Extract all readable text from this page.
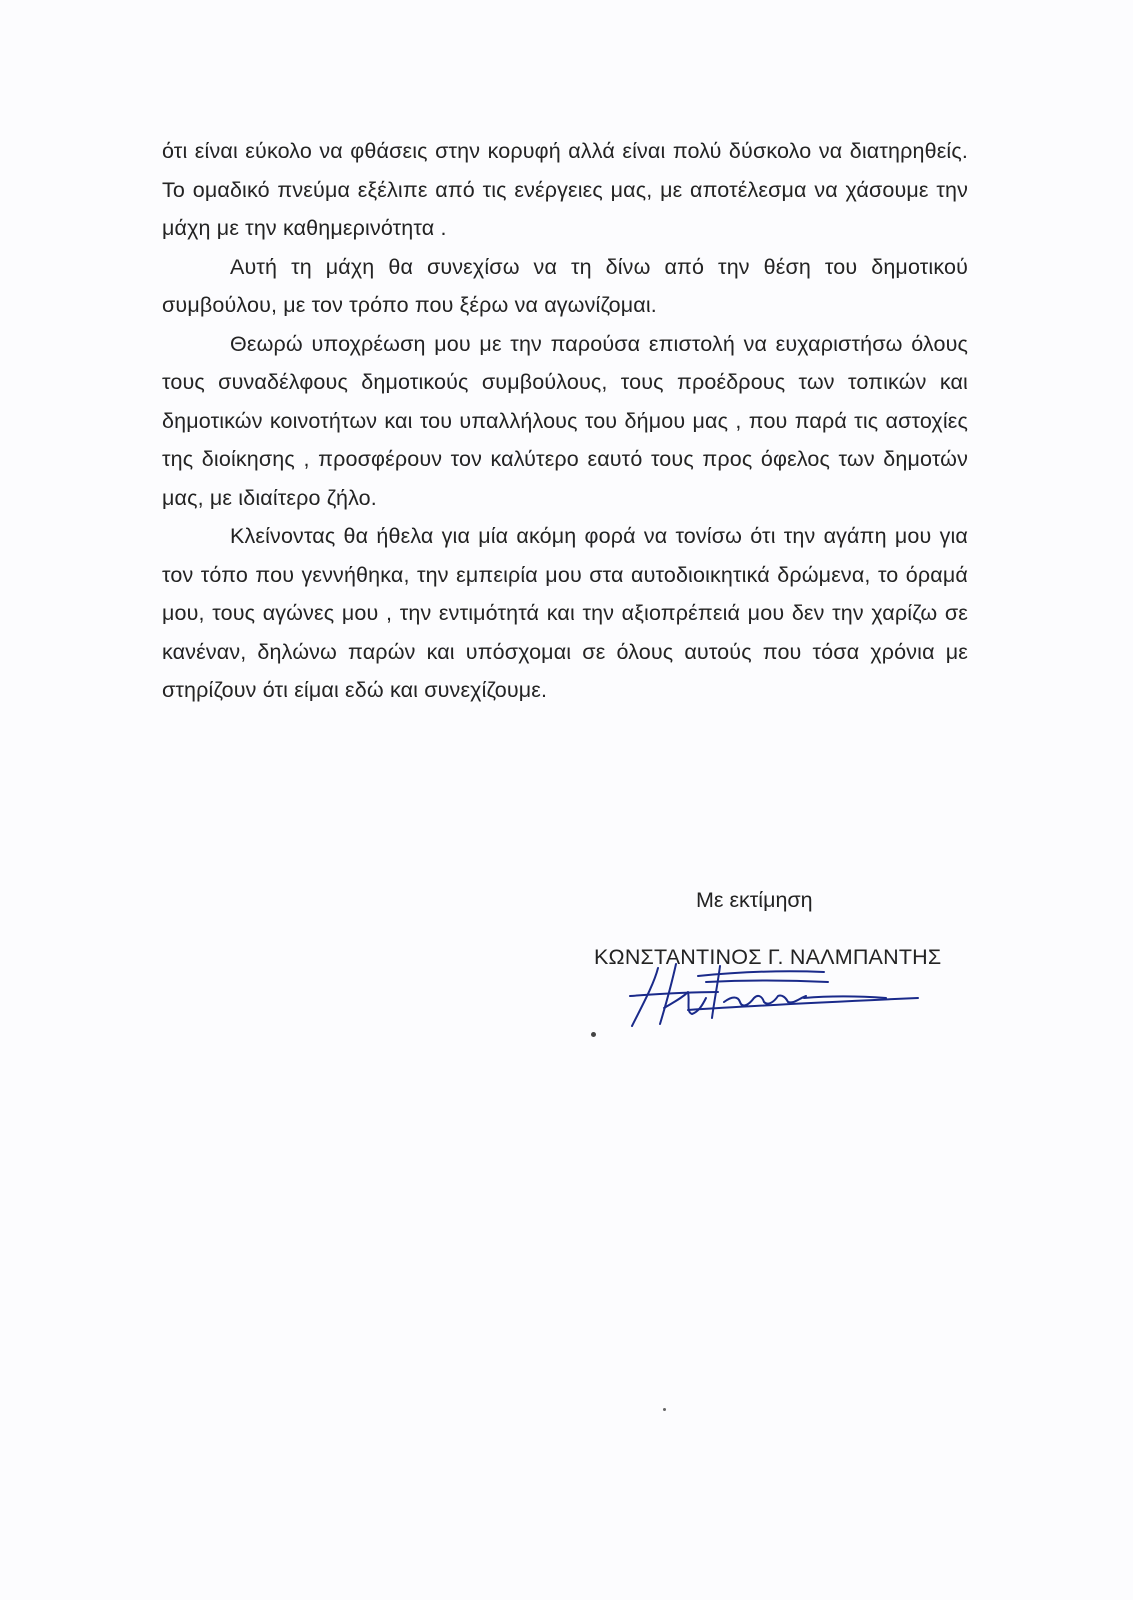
ότι είναι εύκολο να φθάσεις στην κορυφή αλλά είναι πολύ δύσκολο να διατηρηθείς. Το ομαδικό πνεύμα εξέλιπε από τις ενέργειες μας, με αποτέλεσμα να χάσουμε την μάχη με την καθημερινότητα .

Αυτή τη μάχη θα συνεχίσω να τη δίνω από την θέση του δημοτικού συμβούλου, με τον τρόπο που ξέρω να αγωνίζομαι.

Θεωρώ υποχρέωση μου με την παρούσα επιστολή να ευχαριστήσω όλους τους συναδέλφους δημοτικούς συμβούλους, τους προέδρους των τοπικών και δημοτικών κοινοτήτων και του υπαλλήλους του δήμου μας , που παρά τις αστοχίες της διοίκησης , προσφέρουν τον καλύτερο εαυτό τους προς όφελος των δημοτών μας, με ιδιαίτερο ζήλο.

Κλείνοντας θα ήθελα για μία ακόμη φορά να τονίσω ότι την αγάπη μου για τον τόπο που γεννήθηκα, την εμπειρία μου στα αυτοδιοικητικά δρώμενα, το όραμά μου, τους αγώνες μου , την εντιμότητά και την αξιοπρέπειά μου δεν την χαρίζω σε κανέναν, δηλώνω παρών και υπόσχομαι σε όλους αυτούς που τόσα χρόνια με στηρίζουν ότι είμαι εδώ και συνεχίζουμε.

Με εκτίμηση
ΚΩΝΣΤΑΝΤΙΝΟΣ Γ. ΝΑΛΜΠΑΝΤΗΣ
